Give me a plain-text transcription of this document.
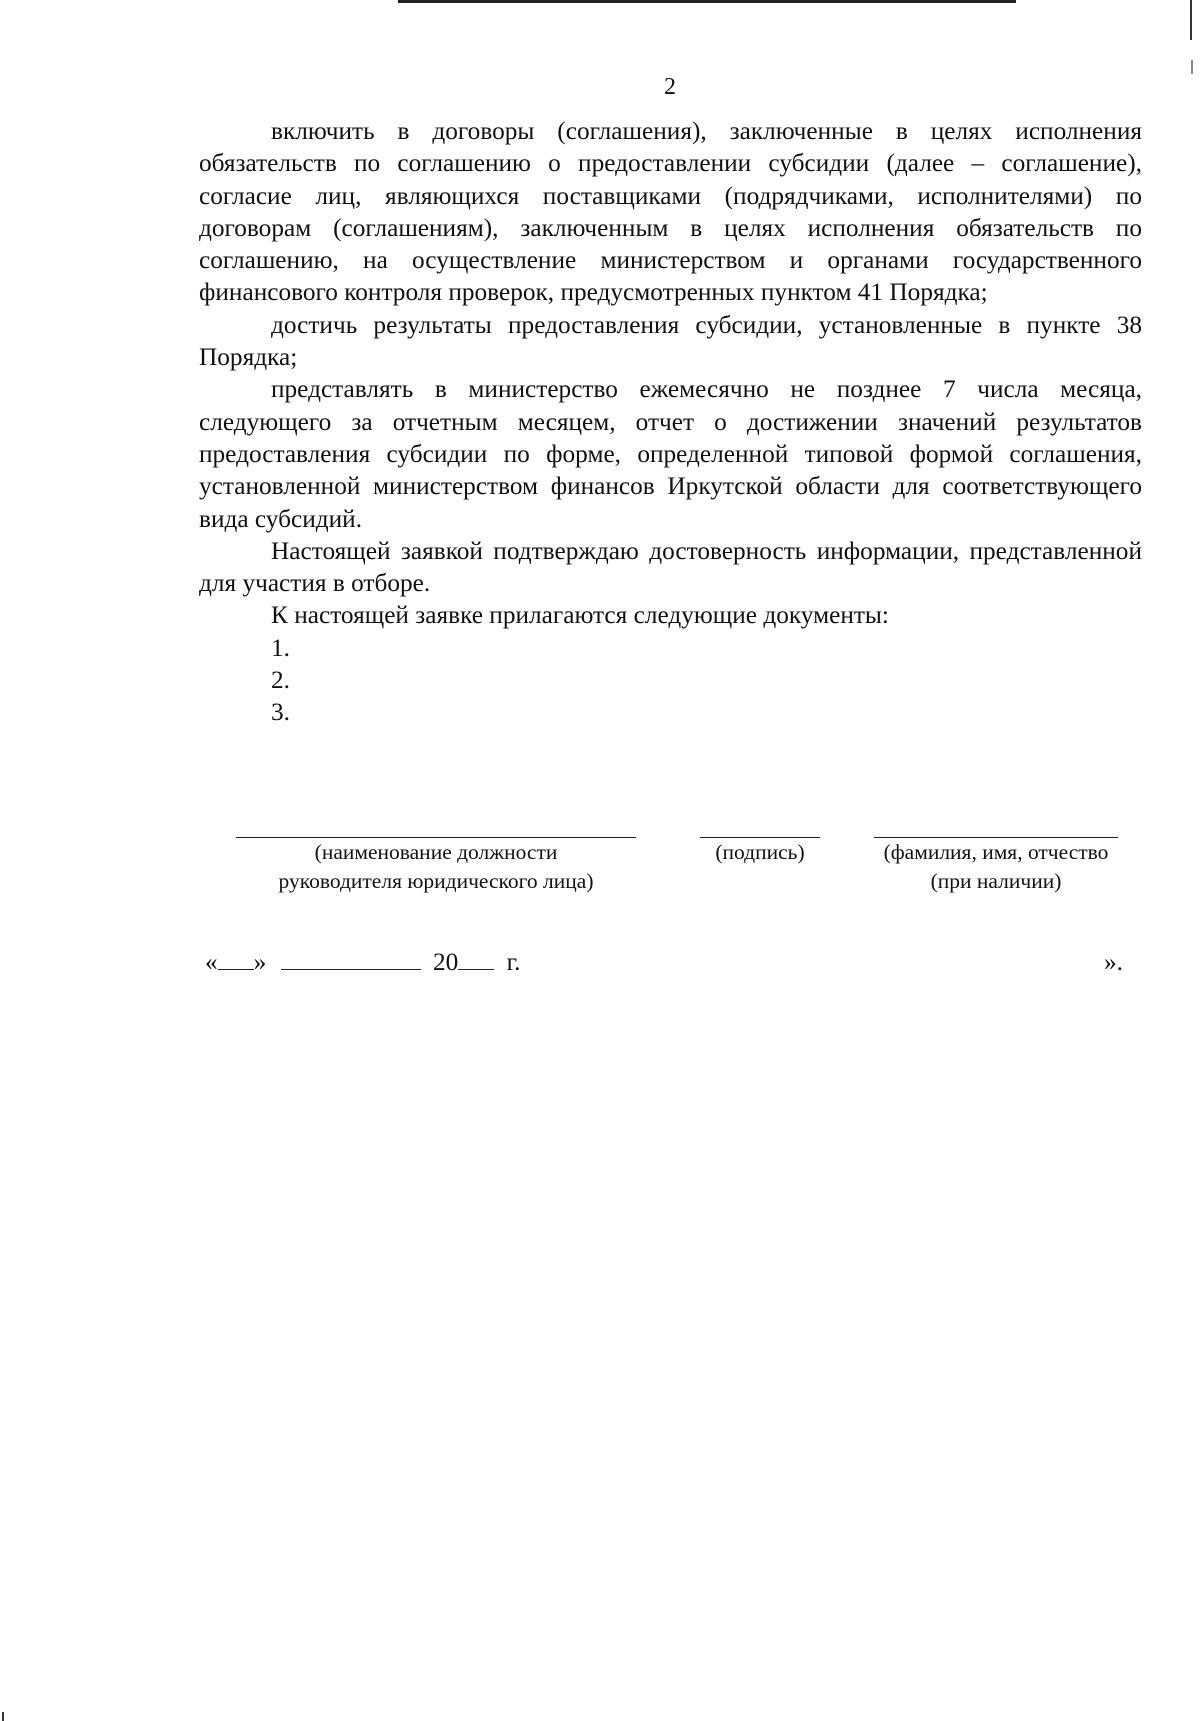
2

включить в договоры (соглашения), заключенные в целях исполнения обязательств по соглашению о предоставлении субсидии (далее – соглашение), согласие лиц, являющихся поставщиками (подрядчиками, исполнителями) по договорам (соглашениям), заключенным в целях исполнения обязательств по соглашению, на осуществление министерством и органами государственного финансового контроля проверок, предусмотренных пунктом 41 Порядка;

достичь результаты предоставления субсидии, установленные в пункте 38 Порядка;

представлять в министерство ежемесячно не позднее 7 числа месяца, следующего за отчетным месяцем, отчет о достижении значений результатов предоставления субсидии по форме, определенной типовой формой соглашения, установленной министерством финансов Иркутской области для соответствующего вида субсидий.

Настоящей заявкой подтверждаю достоверность информации, представленной для участия в отборе.

К настоящей заявке прилагаются следующие документы:

1.
2.
3.
(наименование должности
руководителя юридического лица)
(подпись)	(фамилия, имя, отчество
(при наличии)
« »	20 г.	».
